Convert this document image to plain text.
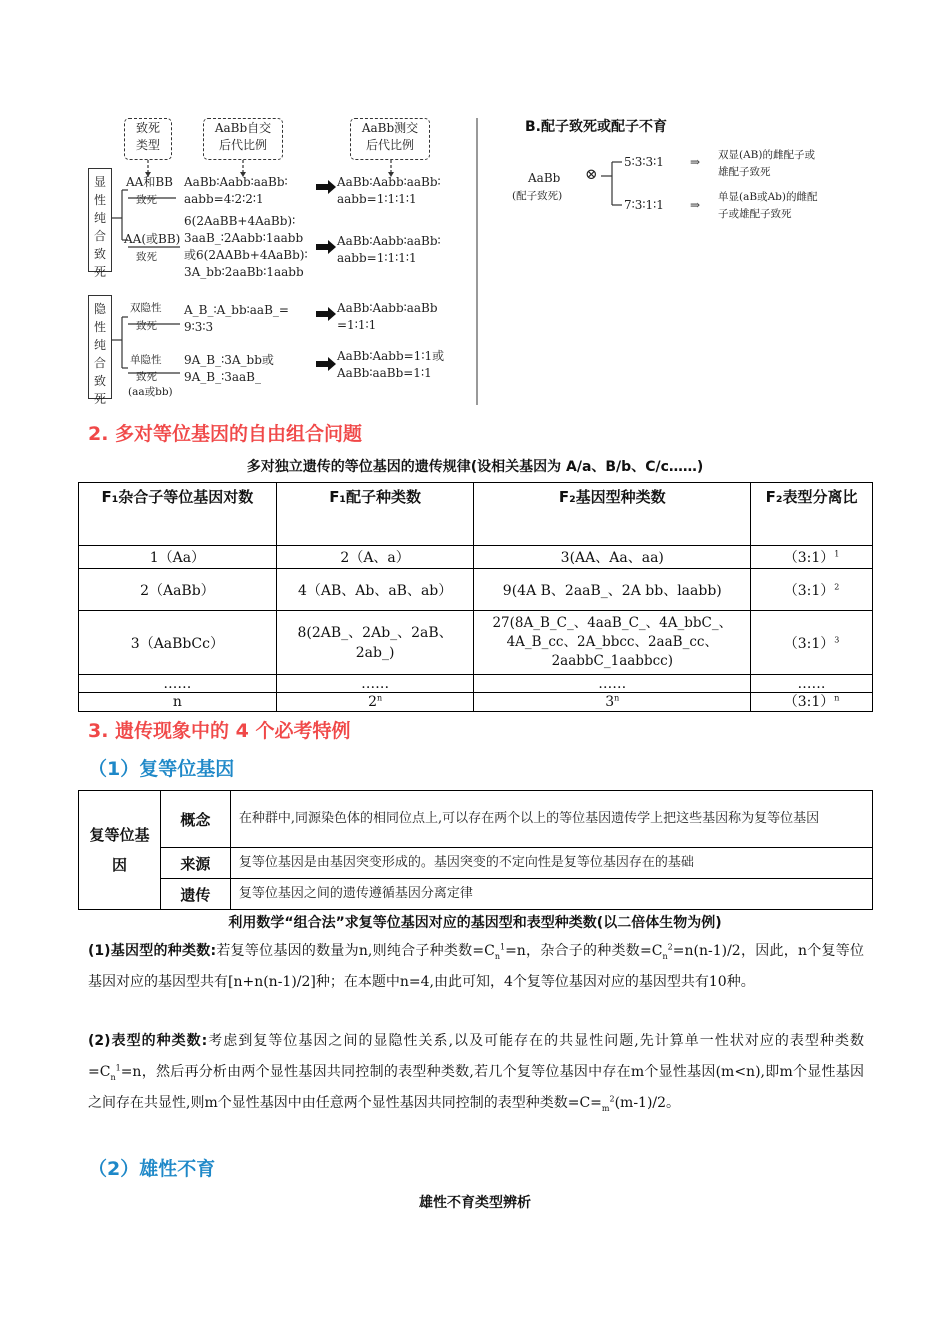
致死
类型
AaBb自交
后代比例
AaBb测交
后代比例
显
性
纯
合
致
死
隐
性
纯
合
致
死
AA和BB
致死
AaBb∶Aabb∶aaBb∶
aabb=4∶2∶2∶1
AaBb∶Aabb∶aaBb∶
aabb=1∶1∶1∶1
AA(或BB)
致死
6(2AaBB+4AaBb)∶
3aaB_∶2Aabb∶1aabb
或6(2AABb+4AaBb)∶
3A_bb∶2aaBb∶1aabb
AaBb∶Aabb∶aaBb∶
aabb=1∶1∶1∶1
双隐性
致死
A_B_∶A_bb∶aaB_=
9∶3∶3
AaBb∶Aabb∶aaBb
=1∶1∶1
单隐性
致死
(aa或bb)
9A_B_∶3A_bb或
9A_B_∶3aaB_
AaBb∶Aabb=1∶1或
AaBb∶aaBb=1∶1
B.配子致死或配子不育
AaBb
(配子致死)
⊗
5∶3∶3∶1 ⇒ 双显(AB)的雌配子或
雄配子致死
7∶3∶1∶1 ⇒
单显(aB或Ab)的雌配
子或雄配子致死
2. 多对等位基因的自由组合问题
多对独立遗传的等位基因的遗传规律(设相关基因为 A/a、B/b、C/c……)
F₁杂合子等位基因对数	F₁配子种类数	F₂基因型种类数	F₂表型分离比
1（Aa）	2（A、a）	3(AA、Aa、aa)	（3:1）$^1$
2（AaBb）	4（AB、Ab、aB、ab）	9(4A B、2aaB_、2A bb、laabb)	（3:1）$^2$
3（AaBbCc）	8(2AB_、2Ab_、2aB、2ab_)	27(8A_B_C_、4aaB_C_、4A_bbC_、4A_B_cc、2A_bbcc、2aaB_cc、2aabbC_1aabbcc)	（3:1）$^3$
……	……	……	……
n	2$^n$	3$^n$	（3:1）$^n$
3. 遗传现象中的 4 个必考特例
（1）复等位基因
复等位基因	概念	在种群中,同源染色体的相同位点上,可以存在两个以上的等位基因遗传学上把这些基因称为复等位基因
	来源	复等位基因是由基因突变形成的。基因突变的不定向性是复等位基因存在的基础
	遗传	复等位基因之间的遗传遵循基因分离定律
利用数学“组合法”求复等位基因对应的基因型和表型种类数(以二倍体生物为例)
(1)基因型的种类数:若复等位基因的数量为n,则纯合子种类数$=C_n^1=n$，杂合子的种类数$=C_n^2=n(n-1)/2$，因此，n个复等位基因对应的基因型共有[n+n(n-1)/2]种；在本题中n=4,由此可知，4个复等位基因对应的基因型共有10种。
(2)表型的种类数:考虑到复等位基因之间的显隐性关系,以及可能存在的共显性问题,先计算单一性状对应的表型种类数$=C_n^1=n$，然后再分析由两个显性基因共同控制的表型种类数,若几个复等位基因中存在m个显性基因(m<n),即m个显性基因之间存在共显性,则m个显性基因中由任意两个显性基因共同控制的表型种类数$=C=_m^2(m-1)/2$。
（2）雄性不育
雄性不育类型辨析
